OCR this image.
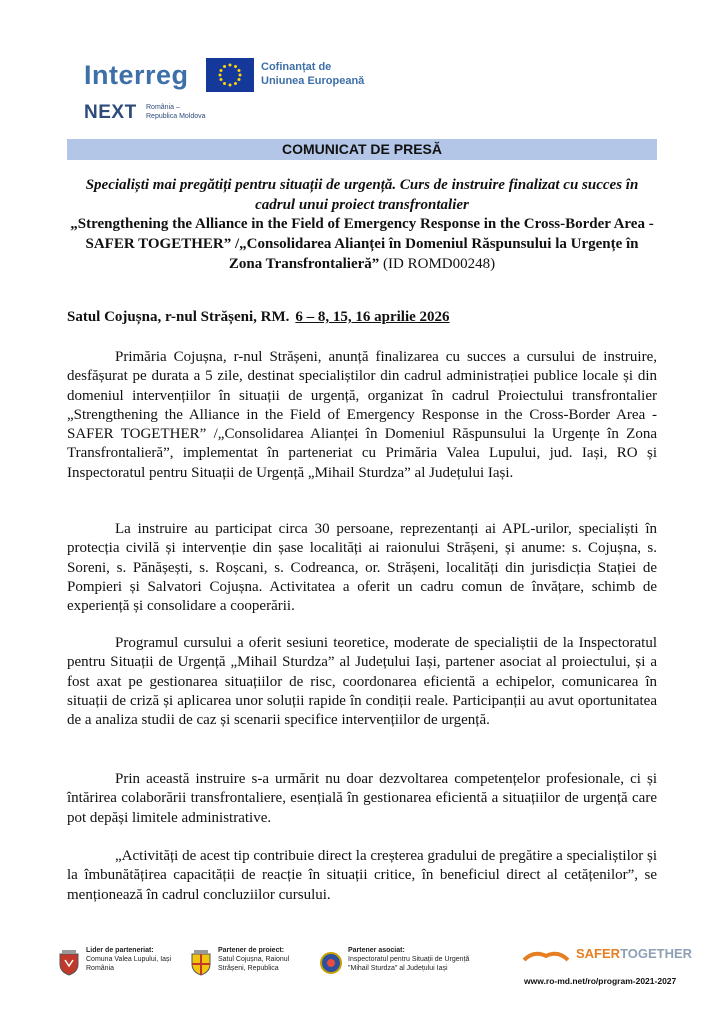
Interreg	Cofinanțat de
Uniunea Europeană
NEXT România –
Republica Moldova
COMUNICAT DE PRESĂ
Specialiști mai pregătiți pentru situații de urgență. Curs de instruire finalizat cu succes în cadrul unui proiect transfrontalier
„Strengthening the Alliance in the Field of Emergency Response in the Cross-Border Area - SAFER TOGETHER” /„Consolidarea Alianței în Domeniul Răspunsului la Urgențe în Zona Transfrontalieră” (ID ROMD00248)
Satul Cojușna, r-nul Strășeni, RM. 6 – 8, 15, 16 aprilie 2026

Primăria Cojușna, r-nul Strășeni, anunță finalizarea cu succes a cursului de instruire, desfășurat pe durata a 5 zile, destinat specialiștilor din cadrul administrației publice locale și din domeniul intervențiilor în situații de urgență, organizat în cadrul Proiectului transfrontalier „Strengthening the Alliance in the Field of Emergency Response in the Cross-Border Area - SAFER TOGETHER” /„Consolidarea Alianței în Domeniul Răspunsului la Urgențe în Zona Transfrontalieră”, implementat în parteneriat cu Primăria Valea Lupului, jud. Iași, RO și Inspectoratul pentru Situații de Urgență „Mihail Sturdza” al Județului Iași.

La instruire au participat circa 30 persoane, reprezentanți ai APL-urilor, specialiști în protecția civilă și intervenție din șase localități ai raionului Strășeni, și anume: s. Cojușna, s. Soreni, s. Pănășești, s. Roșcani, s. Codreanca, or. Strășeni, localități din jurisdicția Stației de Pompieri și Salvatori Cojușna. Activitatea a oferit un cadru comun de învățare, schimb de experiență și consolidare a cooperării.

Programul cursului a oferit sesiuni teoretice, moderate de specialiștii de la Inspectoratul pentru Situații de Urgență „Mihail Sturdza” al Județului Iași, partener asociat al proiectului, și a fost axat pe gestionarea situațiilor de risc, coordonarea eficientă a echipelor, comunicarea în situații de criză și aplicarea unor soluții rapide în condiții reale. Participanții au avut oportunitatea de a analiza studii de caz și scenarii specifice intervențiilor de urgență.

Prin această instruire s-a urmărit nu doar dezvoltarea competențelor profesionale, ci și întărirea colaborării transfrontaliere, esențială în gestionarea eficientă a situațiilor de urgență care pot depăși limitele administrative.

„Activități de acest tip contribuie direct la creșterea gradului de pregătire a specialiștilor și la îmbunătățirea capacității de reacție în situații critice, în beneficiul direct al cetățenilor”, se menționează în cadrul concluziilor cursului.

Lider de parteneriat:
Comuna Valea Lupului, Iași
România
Partener de proiect:
Satul Cojușna, Raionul
Strășeni, Republica
Partener asociat:
Inspectoratul pentru Situații de Urgență
"Mihail Sturdza" al Județului Iași
SAFERTOGETHER
www.ro-md.net/ro/program-2021-2027
